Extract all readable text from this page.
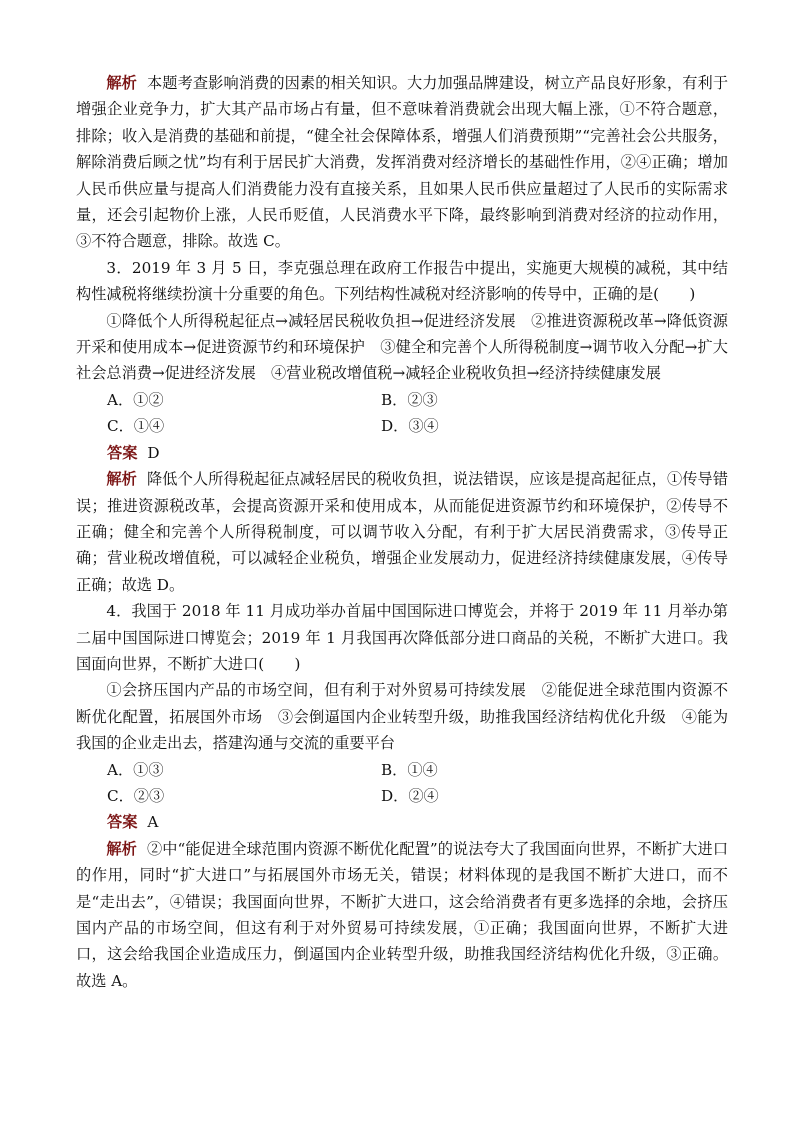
解析 本题考查影响消费的因素的相关知识。大力加强品牌建设，树立产品良好形象，有利于增强企业竞争力，扩大其产品市场占有量，但不意味着消费就会出现大幅上涨，①不符合题意，排除；收入是消费的基础和前提，“健全社会保障体系，增强人们消费预期”“完善社会公共服务，解除消费后顾之忧”均有利于居民扩大消费，发挥消费对经济增长的基础性作用，②④正确；增加人民币供应量与提高人们消费能力没有直接关系，且如果人民币供应量超过了人民币的实际需求量，还会引起物价上涨，人民币贬值，人民消费水平下降，最终影响到消费对经济的拉动作用，③不符合题意，排除。故选 C。

3．2019 年 3 月 5 日，李克强总理在政府工作报告中提出，实施更大规模的减税，其中结构性减税将继续扮演十分重要的角色。下列结构性减税对经济影响的传导中，正确的是(　　)

①降低个人所得税起征点→减轻居民税收负担→促进经济发展　②推进资源税改革→降低资源开采和使用成本→促进资源节约和环境保护　③健全和完善个人所得税制度→调节收入分配→扩大社会总消费→促进经济发展　④营业税改增值税→减轻企业税收负担→经济持续健康发展

A．①②	B．②③
C．①④	D．③④

答案 D

解析 降低个人所得税起征点减轻居民的税收负担，说法错误，应该是提高起征点，①传导错误；推进资源税改革，会提高资源开采和使用成本，从而能促进资源节约和环境保护，②传导不正确；健全和完善个人所得税制度，可以调节收入分配，有利于扩大居民消费需求，③传导正确；营业税改增值税，可以减轻企业税负，增强企业发展动力，促进经济持续健康发展，④传导正确；故选 D。

4．我国于 2018 年 11 月成功举办首届中国国际进口博览会，并将于 2019 年 11 月举办第二届中国国际进口博览会；2019 年 1 月我国再次降低部分进口商品的关税，不断扩大进口。我国面向世界，不断扩大进口(　　)

①会挤压国内产品的市场空间，但有利于对外贸易可持续发展　②能促进全球范围内资源不断优化配置，拓展国外市场　③会倒逼国内企业转型升级，助推我国经济结构优化升级　④能为我国的企业走出去，搭建沟通与交流的重要平台

A．①③	B．①④
C．②③	D．②④

答案 A

解析 ②中“能促进全球范围内资源不断优化配置”的说法夸大了我国面向世界，不断扩大进口的作用，同时“扩大进口”与拓展国外市场无关，错误；材料体现的是我国不断扩大进口，而不是“走出去”，④错误；我国面向世界，不断扩大进口，这会给消费者有更多选择的余地，会挤压国内产品的市场空间，但这有利于对外贸易可持续发展，①正确；我国面向世界，不断扩大进口，这会给我国企业造成压力，倒逼国内企业转型升级，助推我国经济结构优化升级，③正确。故选 A。
